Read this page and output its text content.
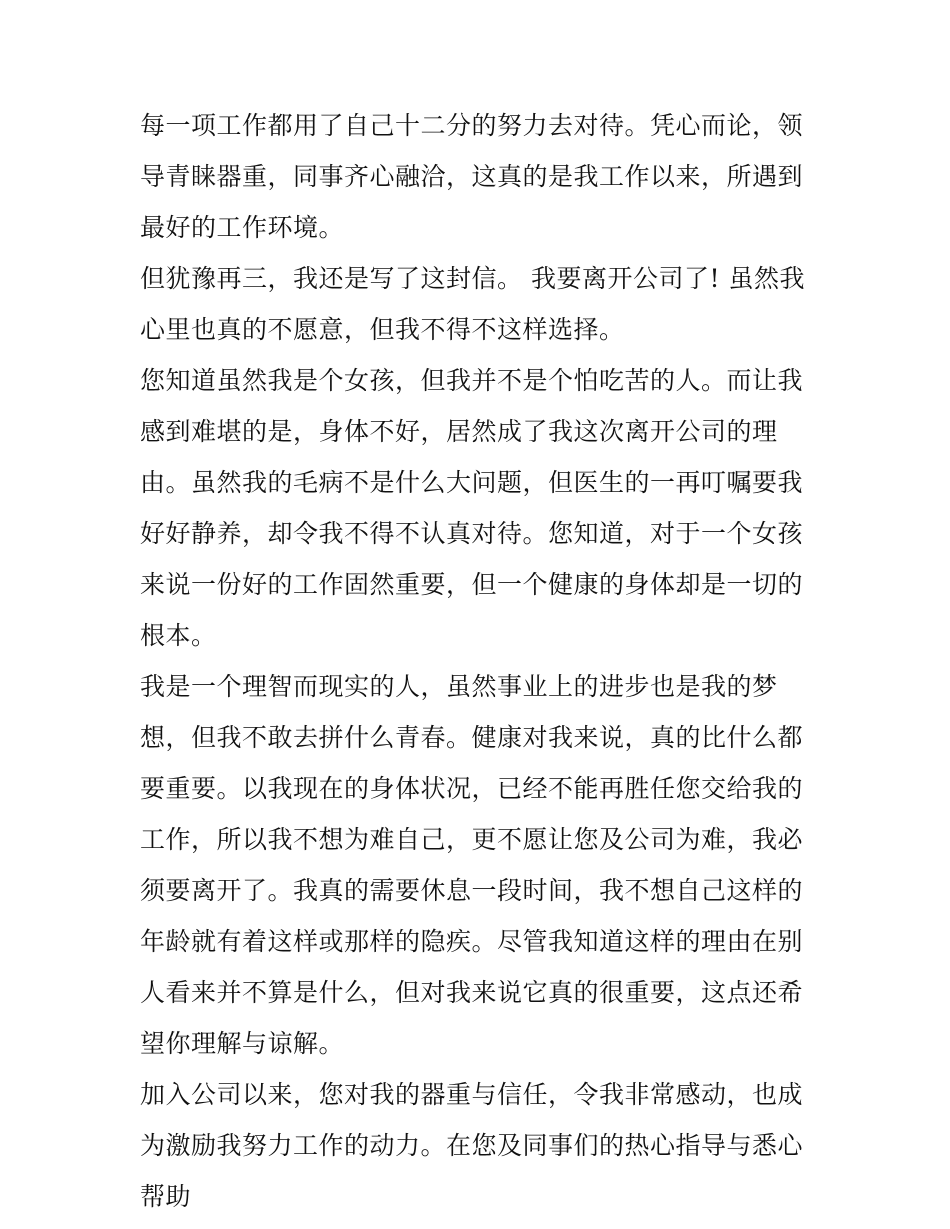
每一项工作都用了自己十二分的努力去对待。凭心而论，领导青睐器重，同事齐心融洽，这真的是我工作以来，所遇到最好的工作环境。

但犹豫再三，我还是写了这封信。 我要离开公司了! 虽然我心里也真的不愿意，但我不得不这样选择。

您知道虽然我是个女孩，但我并不是个怕吃苦的人。而让我感到难堪的是，身体不好，居然成了我这次离开公司的理由。虽然我的毛病不是什么大问题，但医生的一再叮嘱要我好好静养，却令我不得不认真对待。您知道，对于一个女孩来说一份好的工作固然重要，但一个健康的身体却是一切的根本。

我是一个理智而现实的人，虽然事业上的进步也是我的梦想，但我不敢去拼什么青春。健康对我来说，真的比什么都要重要。以我现在的身体状况，已经不能再胜任您交给我的工作，所以我不想为难自己，更不愿让您及公司为难，我必须要离开了。我真的需要休息一段时间，我不想自己这样的年龄就有着这样或那样的隐疾。尽管我知道这样的理由在别人看来并不算是什么，但对我来说它真的很重要，这点还希望你理解与谅解。

加入公司以来，您对我的器重与信任，令我非常感动，也成为激励我努力工作的动力。在您及同事们的热心指导与悉心帮助
